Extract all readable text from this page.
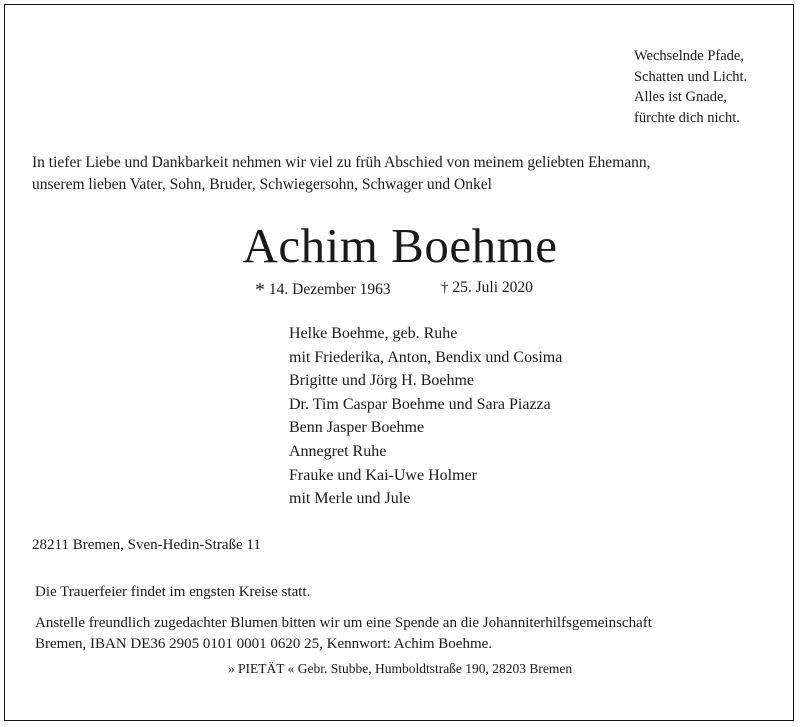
Wechselnde Pfade,
Schatten und Licht.
Alles ist Gnade,
fürchte dich nicht.
In tiefer Liebe und Dankbarkeit nehmen wir viel zu früh Abschied von meinem geliebten Ehemann,
unserem lieben Vater, Sohn, Bruder, Schwiegersohn, Schwager und Onkel
Achim Boehme
* 14. Dezember 1963	† 25. Juli 2020
Helke Boehme, geb. Ruhe
mit Friederika, Anton, Bendix und Cosima
Brigitte und Jörg H. Boehme
Dr. Tim Caspar Boehme und Sara Piazza
Benn Jasper Boehme
Annegret Ruhe
Frauke und Kai-Uwe Holmer
mit Merle und Jule
28211 Bremen, Sven-Hedin-Straße 11
Die Trauerfeier findet im engsten Kreise statt.
Anstelle freundlich zugedachter Blumen bitten wir um eine Spende an die Johanniterhilfsgemeinschaft
Bremen, IBAN DE36 2905 0101 0001 0620 25, Kennwort: Achim Boehme.
» PIETÄT « Gebr. Stubbe, Humboldtstraße 190, 28203 Bremen
